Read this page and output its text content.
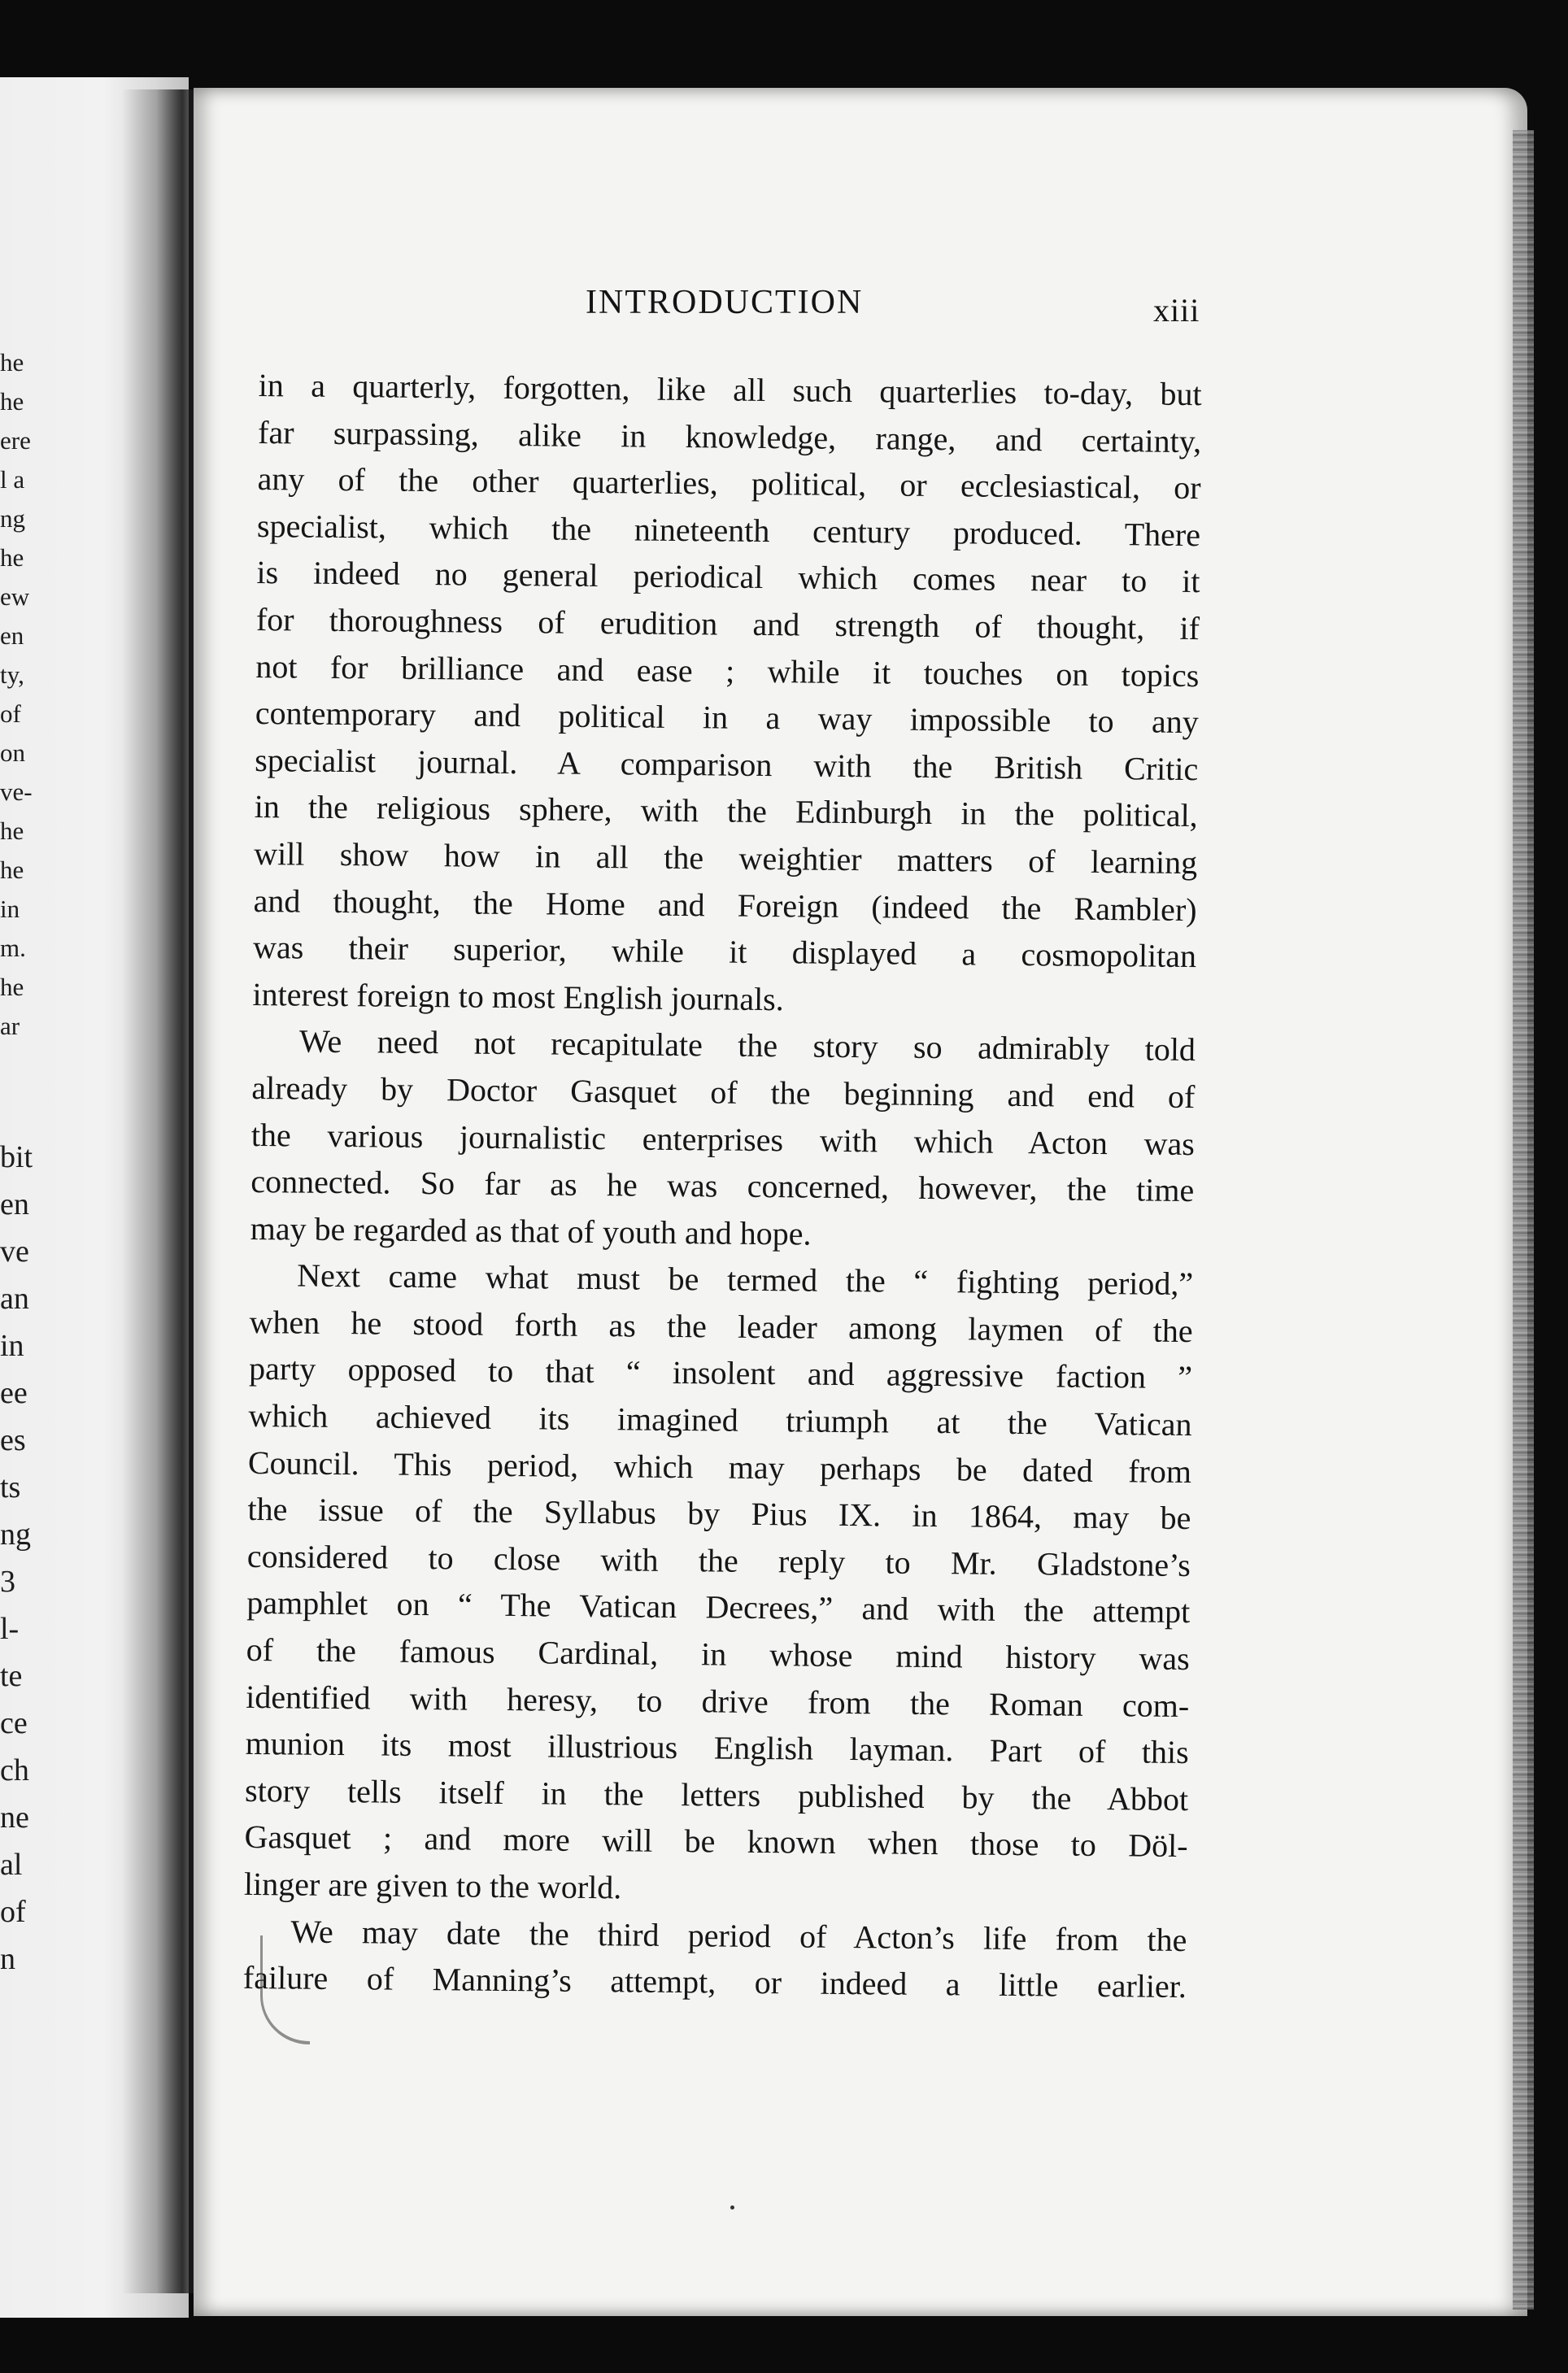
he
he
ere
l a
ng
he
ew
en
ty,
of
on
ve-
he
he
in
m.
he
ar
bit
en
ve
an
in
ee
es
ts
ng
3
l-
te
ce
ch
ne
al
of
n
INTRODUCTION	xiii
in a quarterly, forgotten, like all such quarterlies to-day, but
far surpassing, alike in knowledge, range, and certainty,
any of the other quarterlies, political, or ecclesiastical, or
specialist, which the nineteenth century produced. There
is indeed no general periodical which comes near to it
for thoroughness of erudition and strength of thought, if
not for brilliance and ease ; while it touches on topics
contemporary and political in a way impossible to any
specialist journal. A comparison with the British Critic
in the religious sphere, with the Edinburgh in the political,
will show how in all the weightier matters of learning
and thought, the Home and Foreign (indeed the Rambler)
was their superior, while it displayed a cosmopolitan
interest foreign to most English journals.
We need not recapitulate the story so admirably told
already by Doctor Gasquet of the beginning and end of
the various journalistic enterprises with which Acton was
connected. So far as he was concerned, however, the time
may be regarded as that of youth and hope.
Next came what must be termed the “ fighting period,”
when he stood forth as the leader among laymen of the
party opposed to that “ insolent and aggressive faction ”
which achieved its imagined triumph at the Vatican
Council. This period, which may perhaps be dated from
the issue of the Syllabus by Pius IX. in 1864, may be
considered to close with the reply to Mr. Gladstone’s
pamphlet on “ The Vatican Decrees,” and with the attempt
of the famous Cardinal, in whose mind history was
identified with heresy, to drive from the Roman com-
munion its most illustrious English layman. Part of this
story tells itself in the letters published by the Abbot
Gasquet ; and more will be known when those to Döl-
linger are given to the world.
We may date the third period of Acton’s life from the
failure of Manning’s attempt, or indeed a little earlier.
